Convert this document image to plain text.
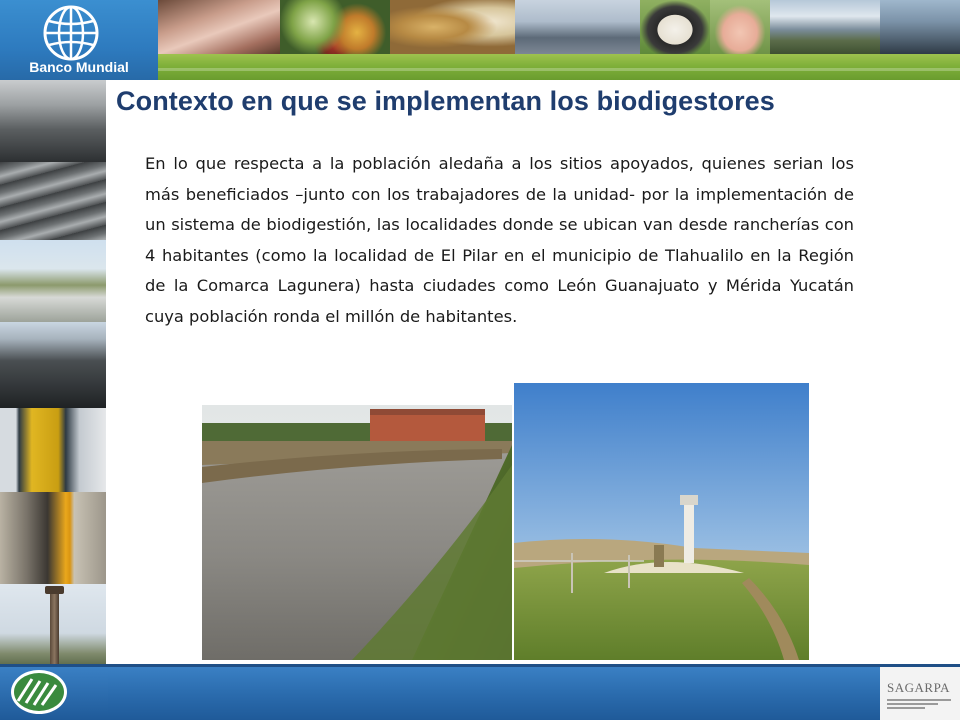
Banco Mundial
Contexto en que se implementan los biodigestores

En lo que respecta a la población aledaña a los sitios apoyados, quienes serian los más beneficiados –junto con los trabajadores de la unidad- por la implementación de un sistema de biodigestión, las localidades donde se ubican van desde rancherías con 4 habitantes (como la localidad de El Pilar en el municipio de Tlahualilo en la Región de la Comarca Lagunera) hasta ciudades como León Guanajuato y Mérida Yucatán cuya población ronda el millón de habitantes.

SAGARPA
